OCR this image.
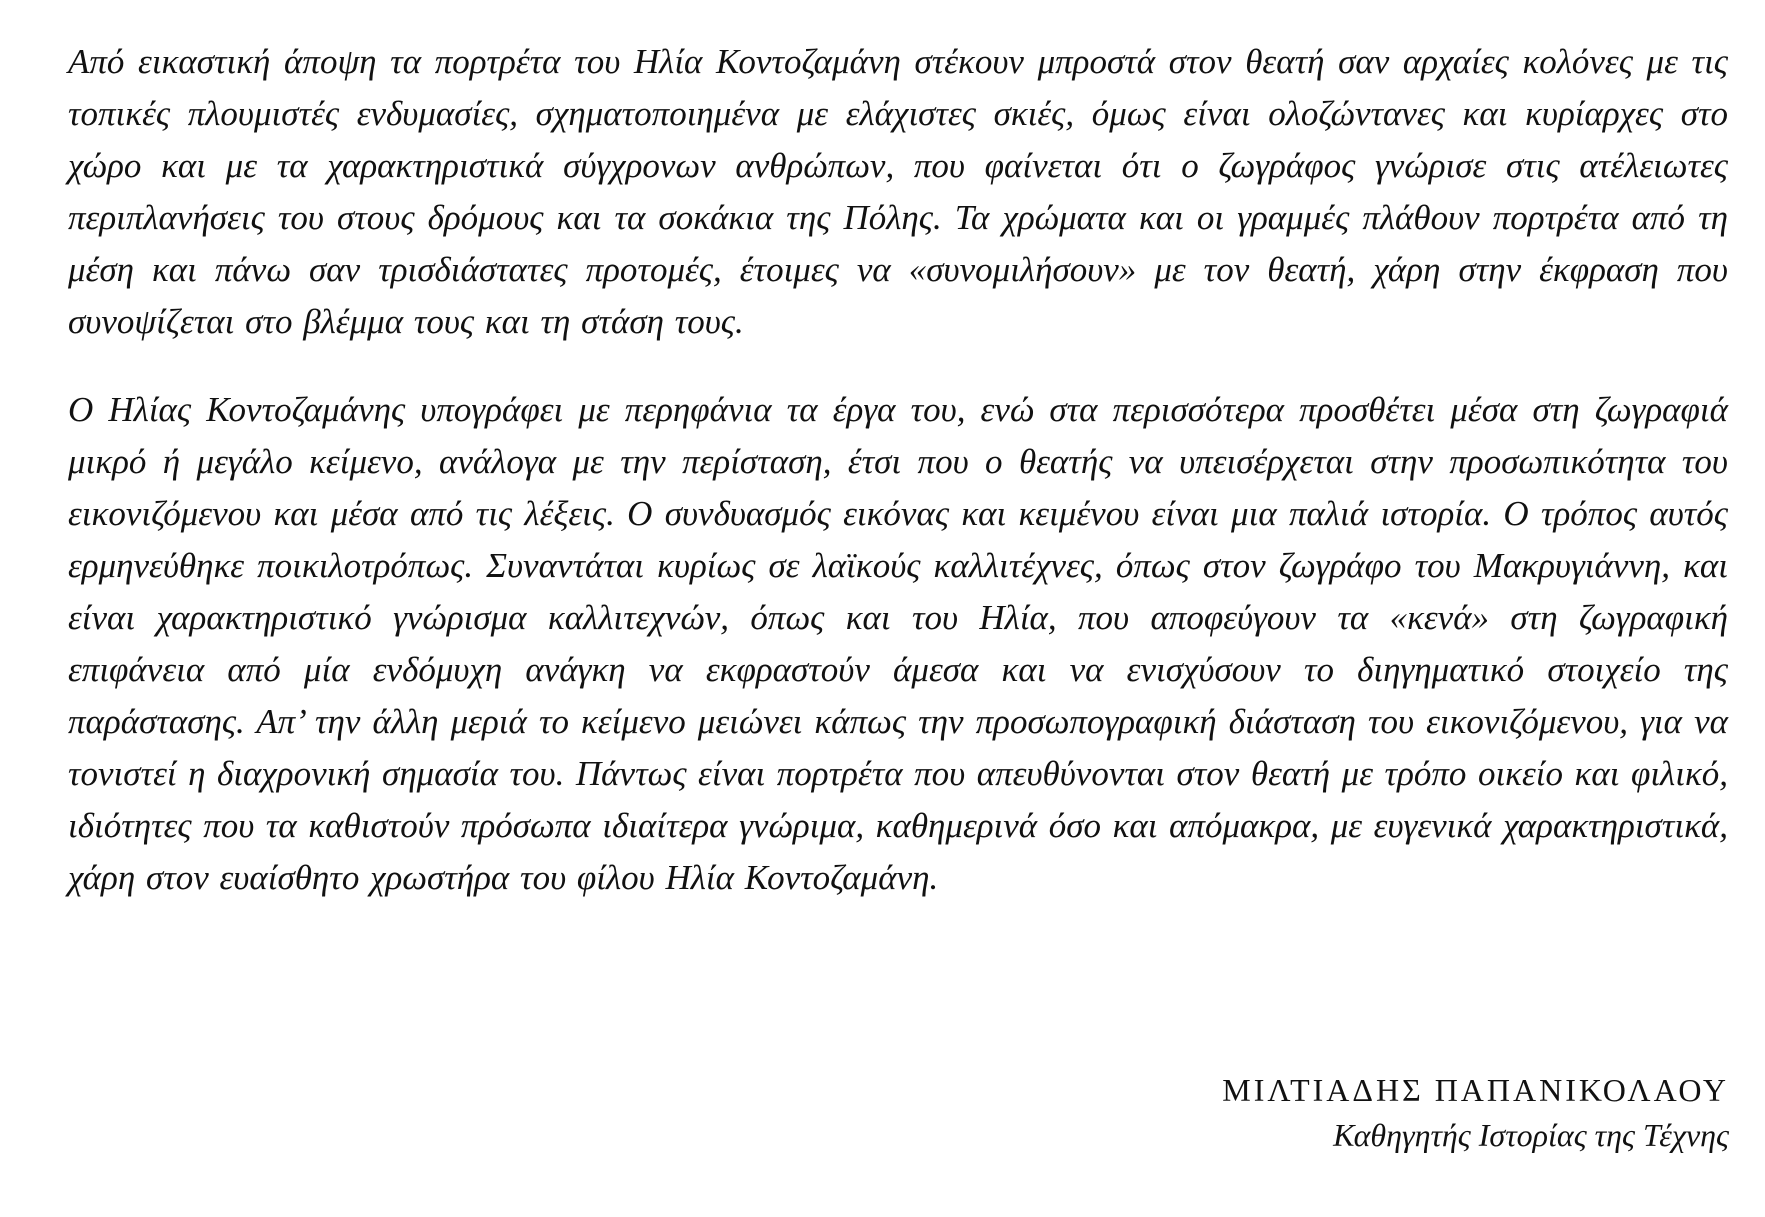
Από εικαστική άποψη τα πορτρέτα του Ηλία Κοντοζαμάνη στέκουν μπροστά στον θεατή σαν αρχαίες κολόνες με τις τοπικές πλουμιστές ενδυμασίες, σχηματοποιημένα με ελάχιστες σκιές, όμως είναι ολοζώντανες και κυρίαρχες στο χώρο και με τα χαρακτηριστικά σύγχρονων ανθρώπων, που φαίνεται ότι ο ζωγράφος γνώρισε στις ατέλειωτες περιπλανήσεις του στους δρόμους και τα σοκάκια της Πόλης. Τα χρώματα και οι γραμμές πλάθουν πορτρέτα από τη μέση και πάνω σαν τρισδιάστατες προτομές, έτοιμες να «συνομιλήσουν» με τον θεατή, χάρη στην έκφραση που συνοψίζεται στο βλέμμα τους και τη στάση τους.

Ο Ηλίας Κοντοζαμάνης υπογράφει με περηφάνια τα έργα του, ενώ στα περισσότερα προσθέτει μέσα στη ζωγραφιά μικρό ή μεγάλο κείμενο, ανάλογα με την περίσταση, έτσι που ο θεατής να υπεισέρχεται στην προσωπικότητα του εικονιζόμενου και μέσα από τις λέξεις. Ο συνδυασμός εικόνας και κειμένου είναι μια παλιά ιστορία. Ο τρόπος αυτός ερμηνεύθηκε ποικιλοτρόπως. Συναντάται κυρίως σε λαϊκούς καλλιτέχνες, όπως στον ζωγράφο του Μακρυγιάννη, και είναι χαρακτηριστικό γνώρισμα καλλιτεχνών, όπως και του Ηλία, που αποφεύγουν τα «κενά» στη ζωγραφική επιφάνεια από μία ενδόμυχη ανάγκη να εκφραστούν άμεσα και να ενισχύσουν το διηγηματικό στοιχείο της παράστασης. Απ’ την άλλη μεριά το κείμενο μειώνει κάπως την προσωπογραφική διάσταση του εικονιζόμενου, για να τονιστεί η διαχρονική σημασία του. Πάντως είναι πορτρέτα που απευθύνονται στον θεατή με τρόπο οικείο και φιλικό, ιδιότητες που τα καθιστούν πρόσωπα ιδιαίτερα γνώριμα, καθημερινά όσο και απόμακρα, με ευγενικά χαρακτηριστικά, χάρη στον ευαίσθητο χρωστήρα του φίλου Ηλία Κοντοζαμάνη.

ΜΙΛΤΙΑΔΗΣ ΠΑΠΑΝΙΚΟΛΑΟΥ
Καθηγητής Ιστορίας της Τέχνης
